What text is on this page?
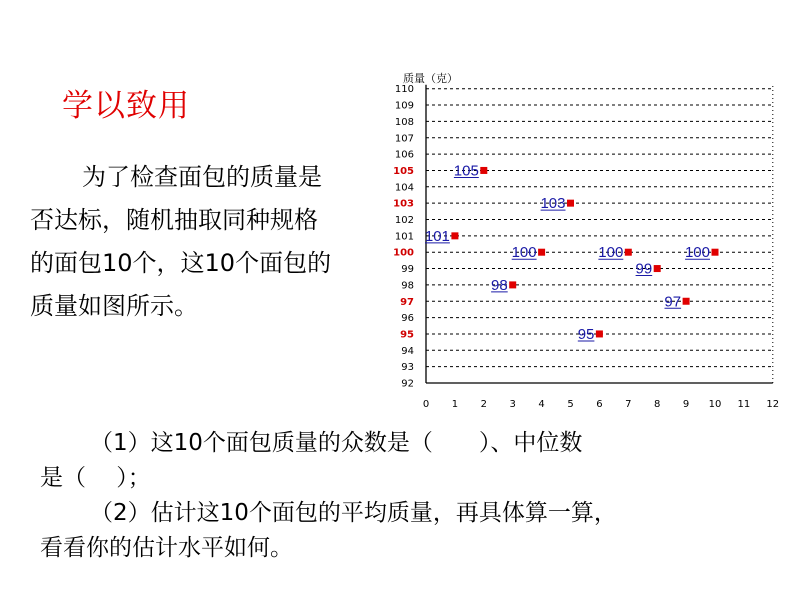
学以致用
为了检查面包的质量是
否达标，随机抽取同种规格
的面包10个，这10个面包的
质量如图所示。
质量（克）
92
93
94
95
96
97
98
99
100
101
102
103
104
105
106
107
108
109
110
0 1 2 3 4 5 6 7 8 9 10 11 12
101
105
98
100
103
95
100
99
97
100
（1）这10个面包质量的众数是（　　）、中位数
是（　 ）；
（2）估计这10个面包的平均质量，再具体算一算，
看看你的估计水平如何。
